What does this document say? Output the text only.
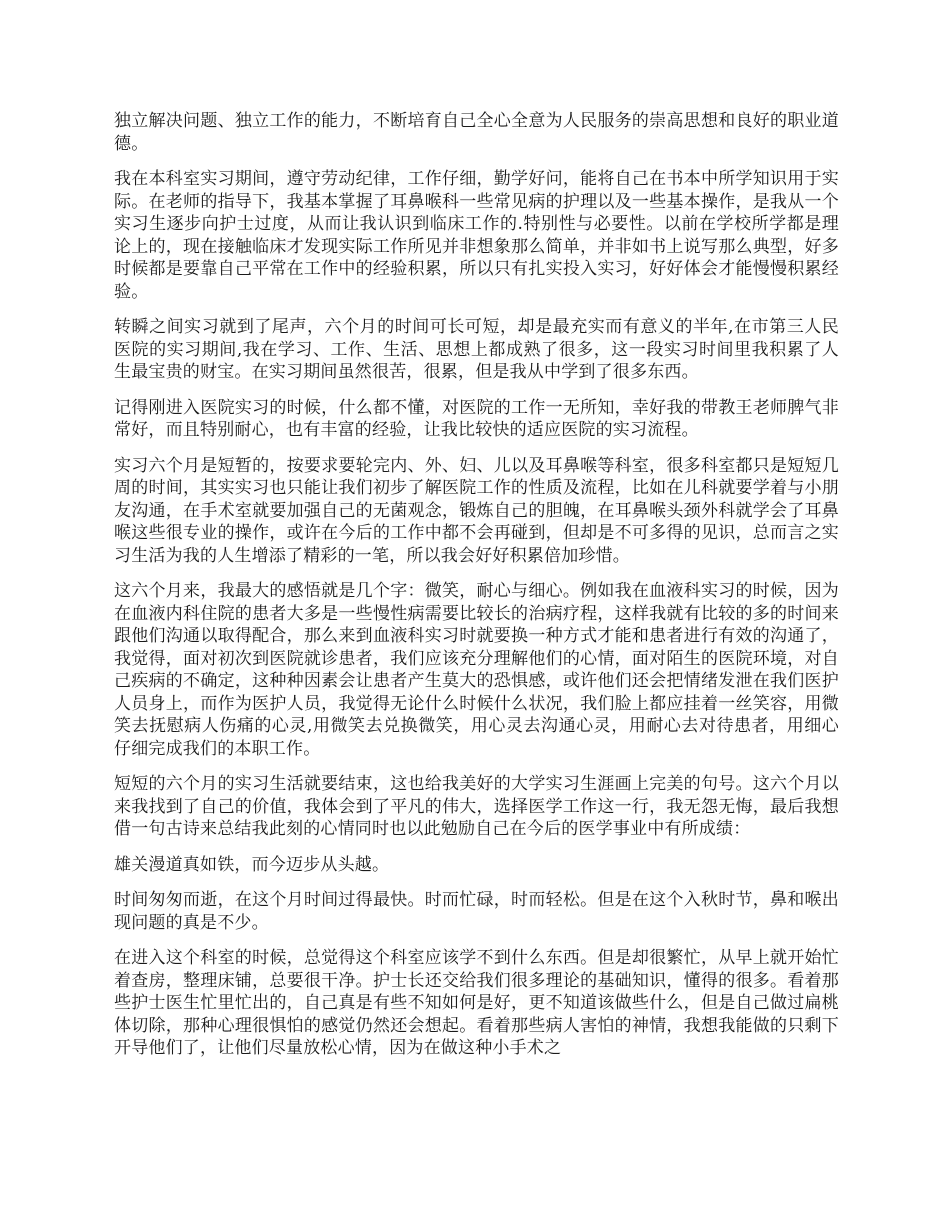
独立解决问题、独立工作的能力，不断培育自己全心全意为人民服务的崇高思想和良好的职业道德。

我在本科室实习期间，遵守劳动纪律，工作仔细，勤学好问，能将自己在书本中所学知识用于实际。在老师的指导下，我基本掌握了耳鼻喉科一些常见病的护理以及一些基本操作，是我从一个实习生逐步向护士过度，从而让我认识到临床工作的.特别性与必要性。以前在学校所学都是理论上的，现在接触临床才发现实际工作所见并非想象那么简单，并非如书上说写那么典型，好多时候都是要靠自己平常在工作中的经验积累，所以只有扎实投入实习，好好体会才能慢慢积累经验。

转瞬之间实习就到了尾声，六个月的时间可长可短，却是最充实而有意义的半年,在市第三人民医院的实习期间,我在学习、工作、生活、思想上都成熟了很多，这一段实习时间里我积累了人生最宝贵的财宝。在实习期间虽然很苦，很累，但是我从中学到了很多东西。

记得刚进入医院实习的时候，什么都不懂，对医院的工作一无所知，幸好我的带教王老师脾气非常好，而且特别耐心，也有丰富的经验，让我比较快的适应医院的实习流程。

实习六个月是短暂的，按要求要轮完内、外、妇、儿以及耳鼻喉等科室，很多科室都只是短短几周的时间，其实实习也只能让我们初步了解医院工作的性质及流程，比如在儿科就要学着与小朋友沟通，在手术室就要加强自己的无菌观念，锻炼自己的胆魄，在耳鼻喉头颈外科就学会了耳鼻喉这些很专业的操作，或许在今后的工作中都不会再碰到，但却是不可多得的见识，总而言之实习生活为我的人生增添了精彩的一笔，所以我会好好积累倍加珍惜。

这六个月来，我最大的感悟就是几个字：微笑，耐心与细心。例如我在血液科实习的时候，因为在血液内科住院的患者大多是一些慢性病需要比较长的治病疗程，这样我就有比较的多的时间来跟他们沟通以取得配合，那么来到血液科实习时就要换一种方式才能和患者进行有效的沟通了，我觉得，面对初次到医院就诊患者，我们应该充分理解他们的心情，面对陌生的医院环境，对自己疾病的不确定，这种种因素会让患者产生莫大的恐惧感，或许他们还会把情绪发泄在我们医护人员身上，而作为医护人员，我觉得无论什么时候什么状况，我们脸上都应挂着一丝笑容，用微笑去抚慰病人伤痛的心灵,用微笑去兑换微笑，用心灵去沟通心灵，用耐心去对待患者，用细心仔细完成我们的本职工作。

短短的六个月的实习生活就要结束，这也给我美好的大学实习生涯画上完美的句号。这六个月以来我找到了自己的价值，我体会到了平凡的伟大，选择医学工作这一行，我无怨无悔，最后我想借一句古诗来总结我此刻的心情同时也以此勉励自己在今后的医学事业中有所成绩：

雄关漫道真如铁，而今迈步从头越。

时间匆匆而逝，在这个月时间过得最快。时而忙碌，时而轻松。但是在这个入秋时节，鼻和喉出现问题的真是不少。

在进入这个科室的时候，总觉得这个科室应该学不到什么东西。但是却很繁忙，从早上就开始忙着查房，整理床铺，总要很干净。护士长还交给我们很多理论的基础知识，懂得的很多。看着那些护士医生忙里忙出的，自己真是有些不知如何是好，更不知道该做些什么，但是自己做过扁桃体切除，那种心理很惧怕的感觉仍然还会想起。看着那些病人害怕的神情，我想我能做的只剩下开导他们了，让他们尽量放松心情，因为在做这种小手术之
